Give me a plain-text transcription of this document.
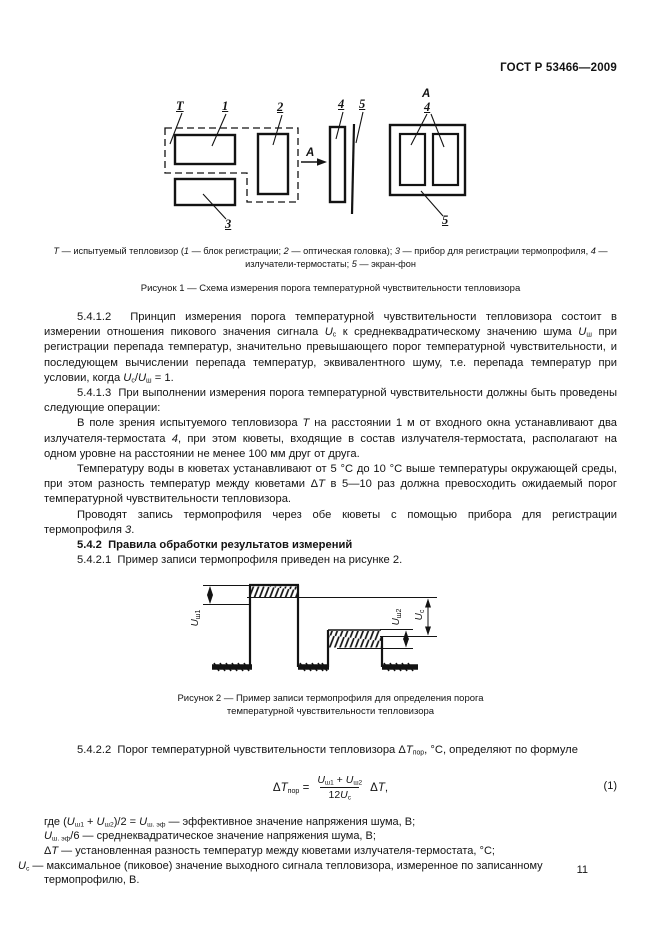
ГОСТ Р 53466—2009
Т	1	2
3
4 5
А
А
4
5
Т — испытуемый тепловизор (1 — блок регистрации; 2 — оптическая головка); 3 — прибор для регистрации термопрофиля, 4 — излучатели-термостаты; 5 — экран-фон
Рисунок 1 — Схема измерения порога температурной чувствительности тепловизора

5.4.1.2  Принцип измерения порога температурной чувствительности тепловизора состоит в измерении отношения пикового значения сигнала $U_с$ к среднеквадратическому значению шума $U_ш$ при регистрации перепада температур, значительно превышающего порог температурной чувствительности, и последующем вычислении перепада температур, эквивалентного шуму, т.е. перепада температур при условии, когда $U_с/U_ш = 1$.

5.4.1.3  При выполнении измерения порога температурной чувствительности должны быть проведены следующие операции:

В поле зрения испытуемого тепловизора Т на расстоянии 1 м от входного окна устанавливают два излучателя-термостата 4, при этом кюветы, входящие в состав излучателя-термостата, располагают на одном уровне на расстоянии не менее 100 мм друг от друга.

Температуру воды в кюветах устанавливают от 5 °С до 10 °С выше температуры окружающей среды, при этом разность температур между кюветами ΔТ в 5—10 раз должна превосходить ожидаемый порог температурной чувствительности тепловизора.

Проводят запись термопрофиля через обе кюветы с помощью прибора для регистрации термопрофиля 3.

5.4.2  Правила обработки результатов измерений

5.4.2.1  Пример записи термопрофиля приведен на рисунке 2.

$U_{ш1}$
$U_{ш2}$ $U_с$
Рисунок 2 — Пример записи термопрофиля для определения порога температурной чувствительности тепловизора

5.4.2.2  Порог температурной чувствительности тепловизора $\Delta T_{пор}$, °С, определяют по формуле

$\Delta T_{пор} = \frac{U_{ш1} + U_{ш2}}{12U_с} \Delta T$,	(1)
где $(U_{ш1} + U_{ш2})/2 = U_{ш. эф}$ — эффективное значение напряжения шума, В;
$U_{ш. эф}/6$ — среднеквадратическое значение напряжения шума, В;
ΔT — установленная разность температур между кюветами излучателя-термостата, °С;
$U_с$ — максимальное (пиковое) значение выходного сигнала тепловизора, измеренное по записанному термопрофилю, В.
11
